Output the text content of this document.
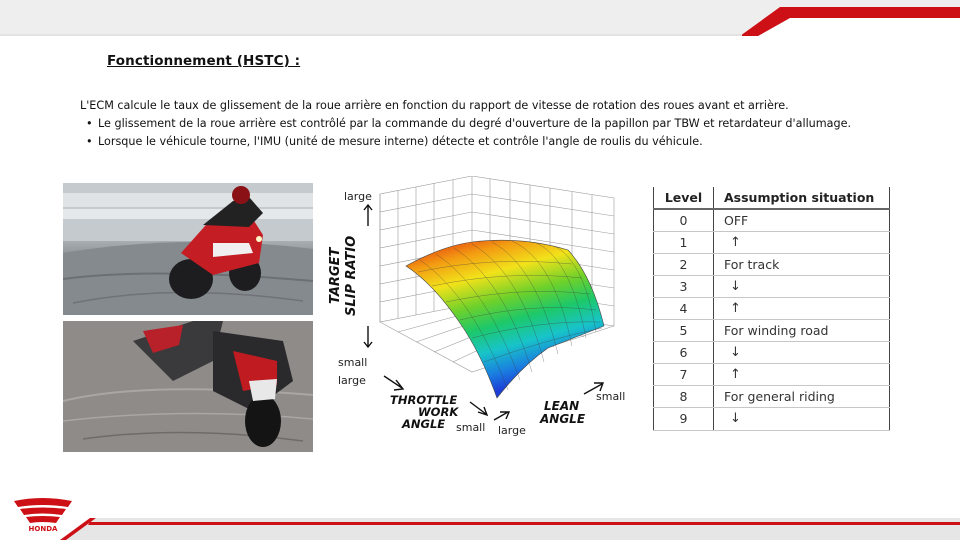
Fonctionnement (HSTC) :
L'ECM calcule le taux de glissement de la roue arrière en fonction du rapport de vitesse de rotation des roues avant et arrière.
• Le glissement de la roue arrière est contrôlé par la commande du degré d'ouverture de la papillon par TBW et retardateur d'allumage.
• Lorsque le véhicule tourne, l'IMU (unité de mesure interne) détecte et contrôle l'angle de roulis du véhicule.
large
TARGET SLIP RATIO
small
large
THROTTLE
WORK
ANGLE small large
LEAN
ANGLE
small
Level	Assumption situation
0	OFF
1	↑
2	For track
3	↓
4	↑
5	For winding road
6	↓
7	↑
8	For general riding
9	↓
HONDA
